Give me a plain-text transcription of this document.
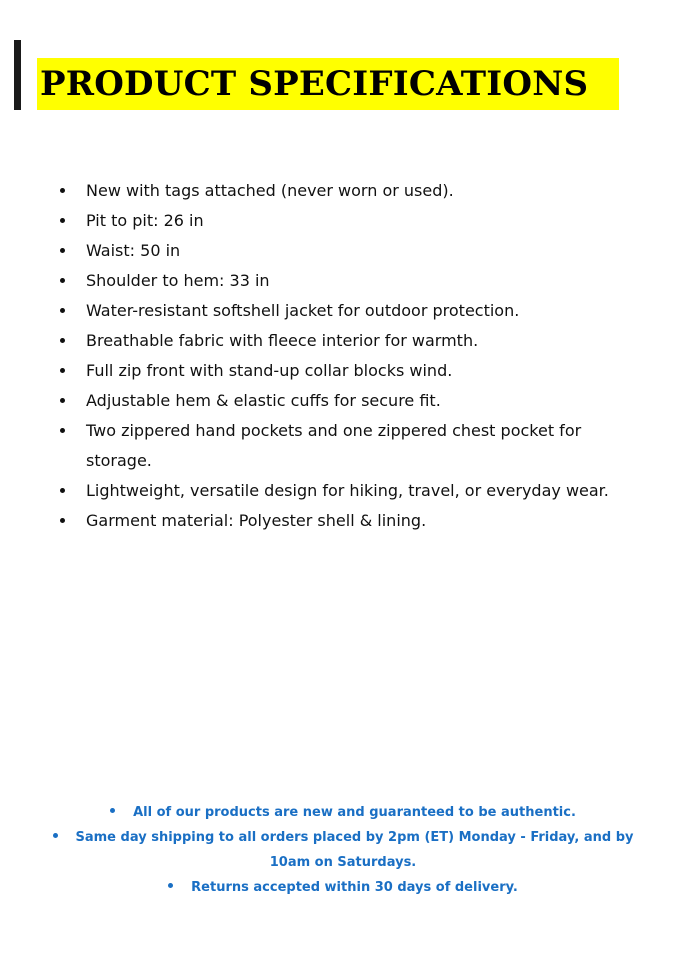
PRODUCT SPECIFICATIONS
New with tags attached (never worn or used).
Pit to pit: 26 in
Waist: 50 in
Shoulder to hem: 33 in
Water-resistant softshell jacket for outdoor protection.
Breathable fabric with fleece interior for warmth.
Full zip front with stand-up collar blocks wind.
Adjustable hem & elastic cuffs for secure fit.
Two zippered hand pockets and one zippered chest pocket for storage.
Lightweight, versatile design for hiking, travel, or everyday wear.
Garment material: Polyester shell & lining.
All of our products are new and guaranteed to be authentic.
Same day shipping to all orders placed by 2pm (ET) Monday - Friday, and by 10am on Saturdays.
Returns accepted within 30 days of delivery.
